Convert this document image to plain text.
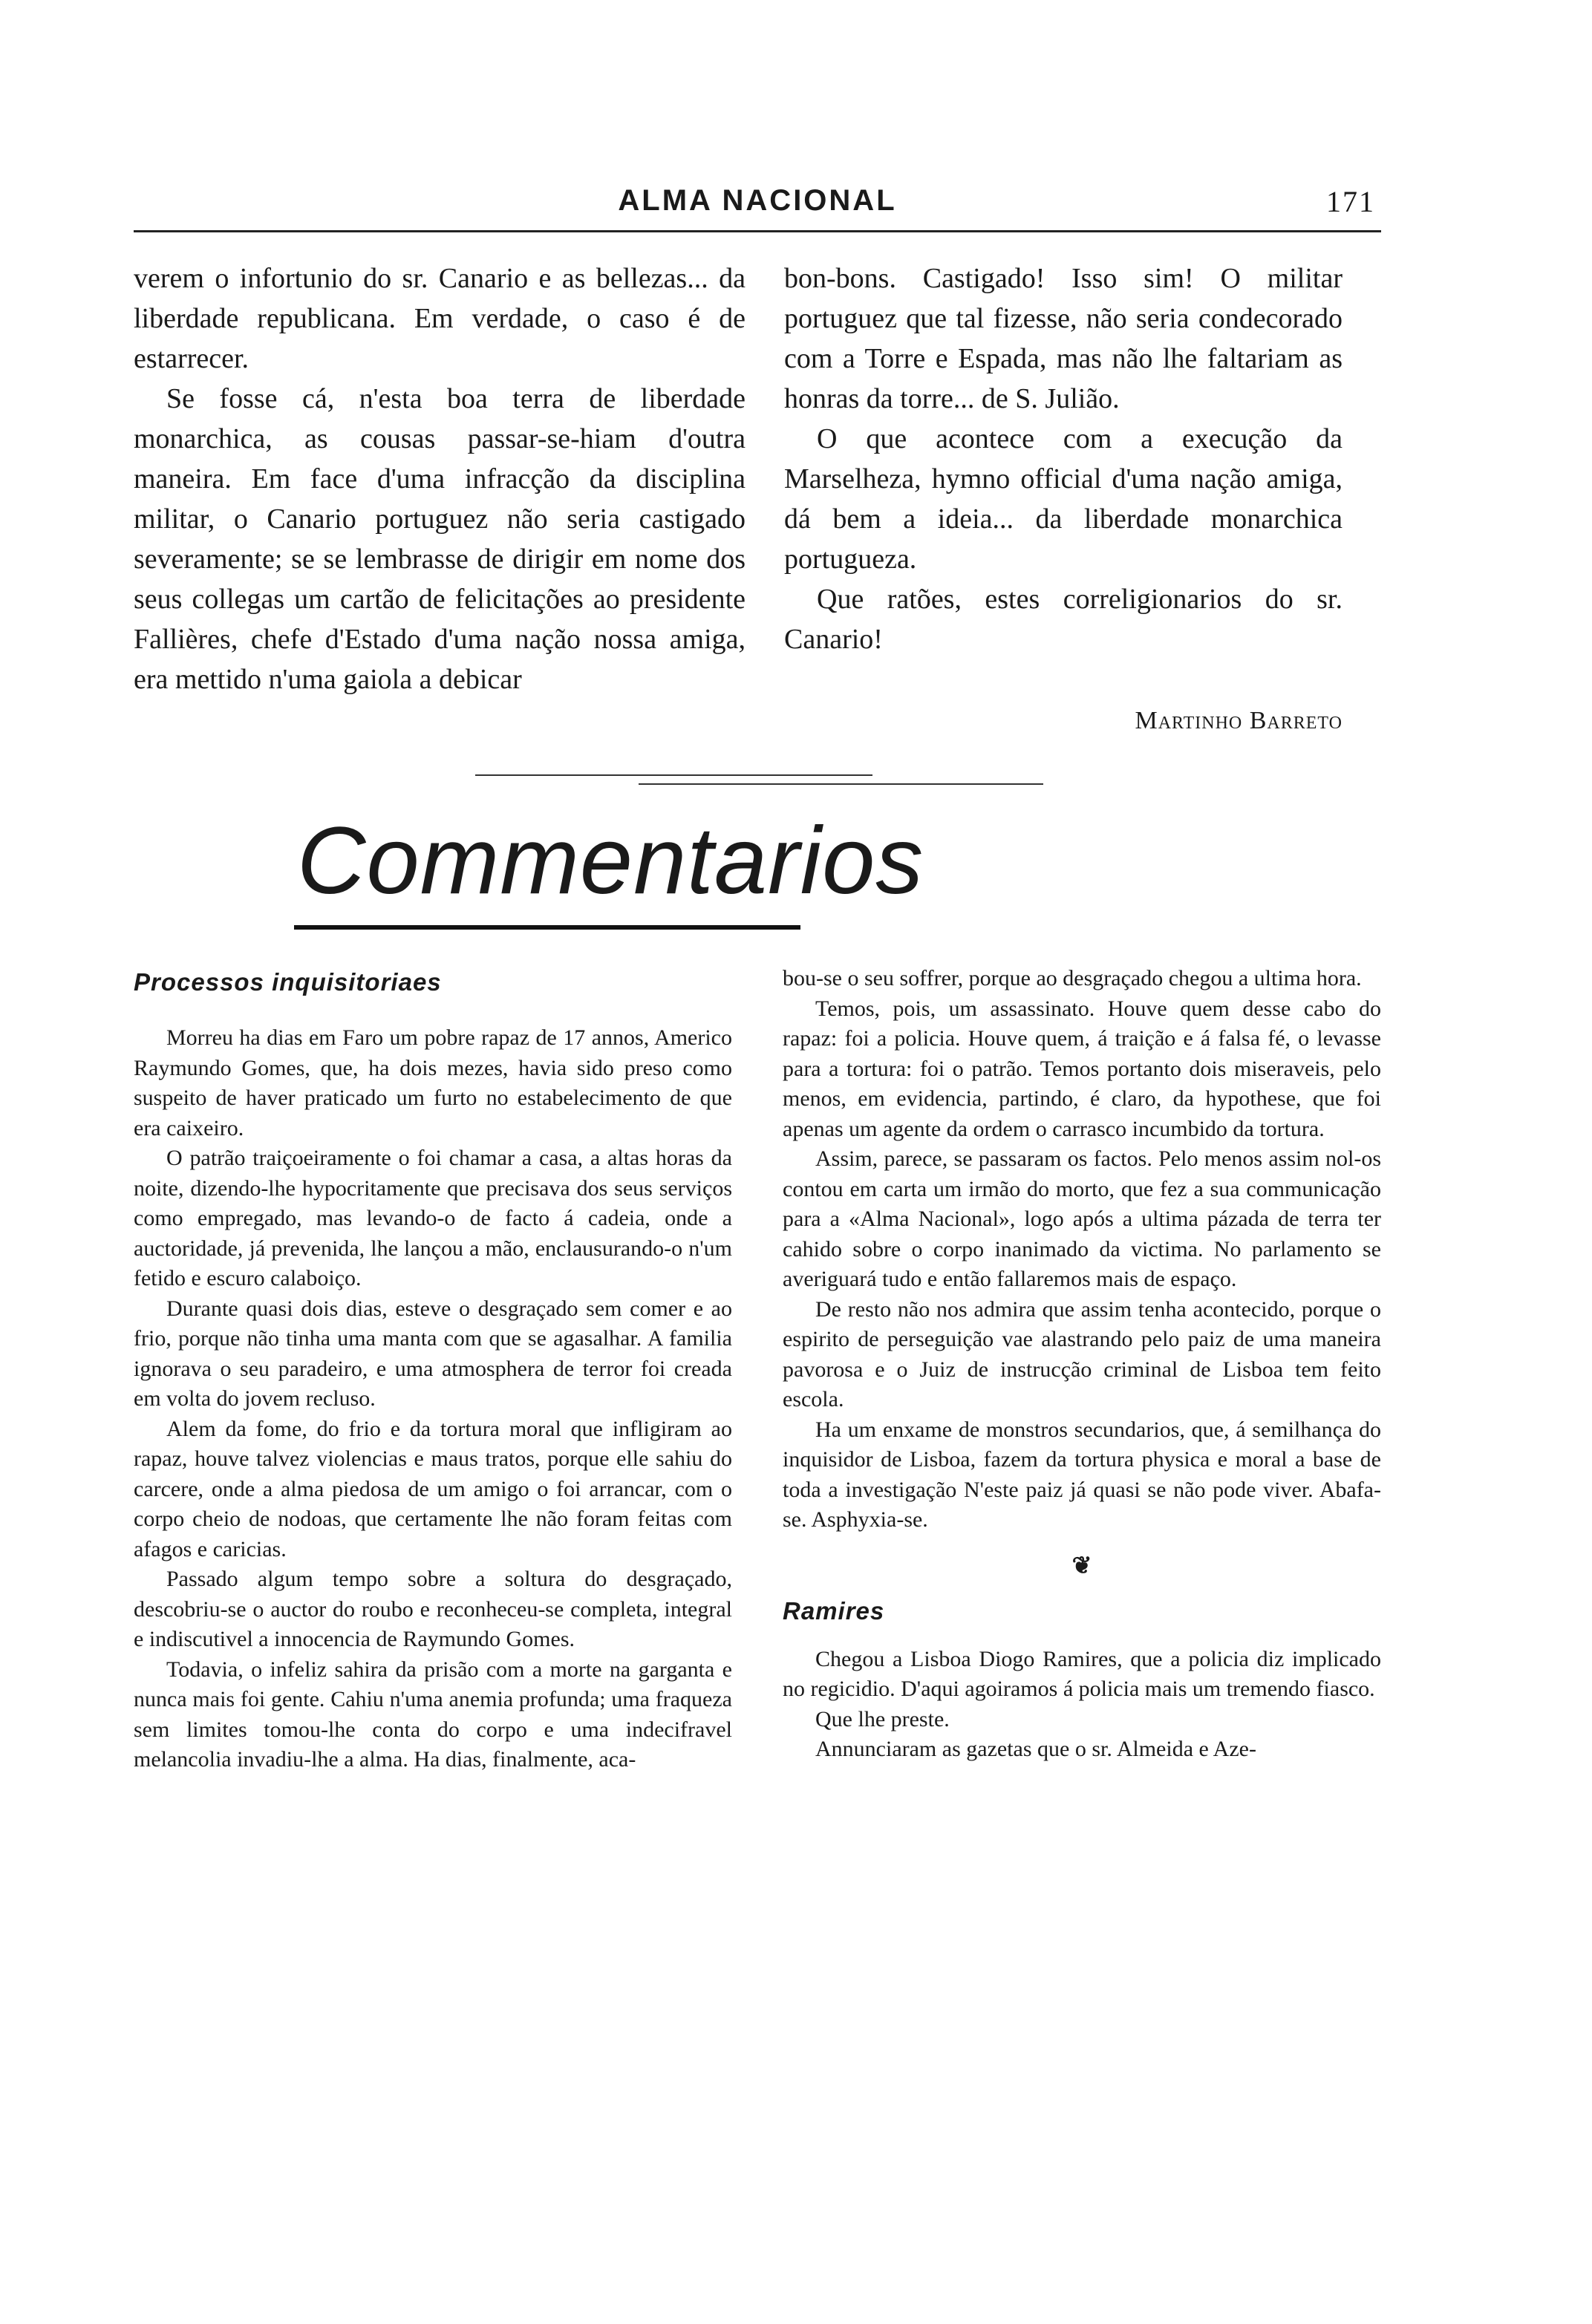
ALMA NACIONAL	171

verem o infortunio do sr. Canario e as bellezas... da liberdade republicana. Em verdade, o caso é de estarrecer.

Se fosse cá, n'esta boa terra de liberdade monarchica, as cousas passar-se-hiam d'outra maneira. Em face d'uma infracção da disciplina militar, o Canario portuguez não seria castigado severamente; se se lembrasse de dirigir em nome dos seus collegas um cartão de felicitações ao presidente Fallières, chefe d'Estado d'uma nação nossa amiga, era mettido n'uma gaiola a debicar

bon-bons. Castigado! Isso sim! O militar portuguez que tal fizesse, não seria condecorado com a Torre e Espada, mas não lhe faltariam as honras da torre... de S. Julião.

O que acontece com a execução da Marselheza, hymno official d'uma nação amiga, dá bem a ideia... da liberdade monarchica portugueza.

Que ratões, estes correligionarios do sr. Canario!

Martinho Barreto
Commentarios
Processos inquisitoriaes

Morreu ha dias em Faro um pobre rapaz de 17 annos, Americo Raymundo Gomes, que, ha dois mezes, havia sido preso como suspeito de haver praticado um furto no estabelecimento de que era caixeiro.

O patrão traiçoeiramente o foi chamar a casa, a altas horas da noite, dizendo-lhe hypocritamente que precisava dos seus serviços como empregado, mas levando-o de facto á cadeia, onde a auctoridade, já prevenida, lhe lançou a mão, enclausurando-o n'um fetido e escuro calaboiço.

Durante quasi dois dias, esteve o desgraçado sem comer e ao frio, porque não tinha uma manta com que se agasalhar. A familia ignorava o seu paradeiro, e uma atmosphera de terror foi creada em volta do jovem recluso.

Alem da fome, do frio e da tortura moral que infligiram ao rapaz, houve talvez violencias e maus tratos, porque elle sahiu do carcere, onde a alma piedosa de um amigo o foi arrancar, com o corpo cheio de nodoas, que certamente lhe não foram feitas com afagos e caricias.

Passado algum tempo sobre a soltura do desgraçado, descobriu-se o auctor do roubo e reconheceu-se completa, integral e indiscutivel a innocencia de Raymundo Gomes.

Todavia, o infeliz sahira da prisão com a morte na garganta e nunca mais foi gente. Cahiu n'uma anemia profunda; uma fraqueza sem limites tomou-lhe conta do corpo e uma indecifravel melancolia invadiu-lhe a alma. Ha dias, finalmente, aca-

bou-se o seu soffrer, porque ao desgraçado chegou a ultima hora.

Temos, pois, um assassinato. Houve quem desse cabo do rapaz: foi a policia. Houve quem, á traição e á falsa fé, o levasse para a tortura: foi o patrão. Temos portanto dois miseraveis, pelo menos, em evidencia, partindo, é claro, da hypothese, que foi apenas um agente da ordem o carrasco incumbido da tortura.

Assim, parece, se passaram os factos. Pelo menos assim nol-os contou em carta um irmão do morto, que fez a sua communicação para a «Alma Nacional», logo após a ultima pázada de terra ter cahido sobre o corpo inanimado da victima. No parlamento se averiguará tudo e então fallaremos mais de espaço.

De resto não nos admira que assim tenha acontecido, porque o espirito de perseguição vae alastrando pelo paiz de uma maneira pavorosa e o Juiz de instrucção criminal de Lisboa tem feito escola.

Ha um enxame de monstros secundarios, que, á semilhança do inquisidor de Lisboa, fazem da tortura physica e moral a base de toda a investigação N'este paiz já quasi se não pode viver. Abafa-se. Asphyxia-se.

❦
Ramires

Chegou a Lisboa Diogo Ramires, que a policia diz implicado no regicidio. D'aqui agoiramos á policia mais um tremendo fiasco.

Que lhe preste.

Annunciaram as gazetas que o sr. Almeida e Aze-
